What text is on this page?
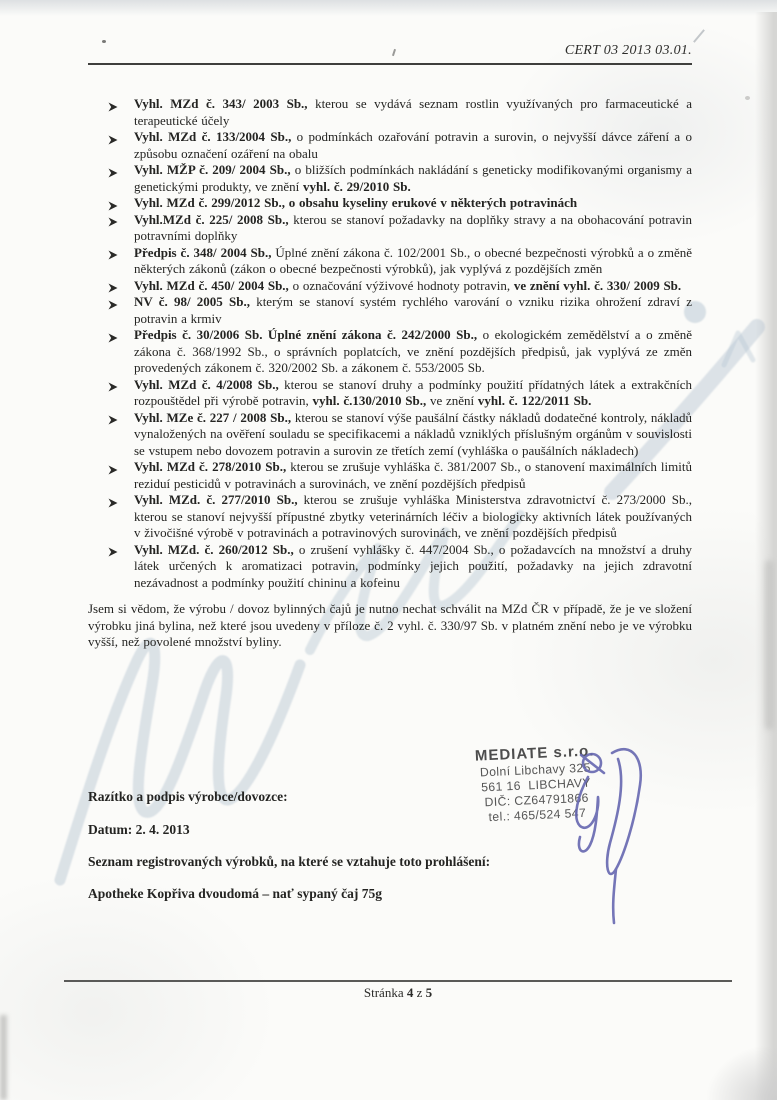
CERT 03 2013 03.01.
Vyhl. MZd č. 343/ 2003 Sb., kterou se vydává seznam rostlin využívaných pro farmaceutické a terapeutické účely
Vyhl. MZd č. 133/2004 Sb., o podmínkách ozařování potravin a surovin, o nejvyšší dávce záření a o způsobu označení ozáření na obalu
Vyhl. MŽP č. 209/ 2004 Sb., o bližších podmínkách nakládání s geneticky modifikovanými organismy a genetickými produkty, ve znění vyhl. č. 29/2010 Sb.
Vyhl. MZd č. 299/2012 Sb., o obsahu kyseliny erukové v některých potravinách
Vyhl.MZd č. 225/ 2008 Sb., kterou se stanoví požadavky na doplňky stravy a na obohacování potravin potravními doplňky
Předpis č. 348/ 2004 Sb., Úplné znění zákona č. 102/2001 Sb., o obecné bezpečnosti výrobků a o změně některých zákonů (zákon o obecné bezpečnosti výrobků), jak vyplývá z pozdějších změn
Vyhl. MZd č. 450/ 2004 Sb., o označování výživové hodnoty potravin, ve znění vyhl. č. 330/ 2009 Sb.
NV č. 98/ 2005 Sb., kterým se stanoví systém rychlého varování o vzniku rizika ohrožení zdraví z potravin a krmiv
Předpis č. 30/2006 Sb. Úplné znění zákona č. 242/2000 Sb., o ekologickém zemědělství a o změně zákona č. 368/1992 Sb., o správních poplatcích, ve znění pozdějších předpisů, jak vyplývá ze změn provedených zákonem č. 320/2002 Sb. a zákonem č. 553/2005 Sb.
Vyhl. MZd č. 4/2008 Sb., kterou se stanoví druhy a podmínky použití přídatných látek a extrakčních rozpouštědel při výrobě potravin, vyhl. č.130/2010 Sb., ve znění vyhl. č. 122/2011 Sb.
Vyhl. MZe č. 227 / 2008 Sb., kterou se stanoví výše paušální částky nákladů dodatečné kontroly, nákladů vynaložených na ověření souladu se specifikacemi a nákladů vzniklých příslušným orgánům v souvislosti se vstupem nebo dovozem potravin a surovin ze třetích zemí (vyhláška o paušálních nákladech)
Vyhl. MZd č. 278/2010 Sb., kterou se zrušuje vyhláška č. 381/2007 Sb., o stanovení maximálních limitů reziduí pesticidů v potravinách a surovinách, ve znění pozdějších předpisů
Vyhl. MZd. č. 277/2010 Sb., kterou se zrušuje vyhláška Ministerstva zdravotnictví č. 273/2000 Sb., kterou se stanoví nejvyšší přípustné zbytky veterinárních léčiv a biologicky aktivních látek používaných v živočišné výrobě v potravinách a potravinových surovinách, ve znění pozdějších předpisů
Vyhl. MZd. č. 260/2012 Sb., o zrušení vyhlášky č. 447/2004 Sb., o požadavcích na množství a druhy látek určených k aromatizaci potravin, podmínky jejich použití, požadavky na jejich zdravotní nezávadnost a podmínky použití chininu a kofeinu

Jsem si vědom, že výrobu / dovoz bylinných čajů je nutno nechat schválit na MZd ČR v případě, že je ve složení výrobku jiná bylina, než které jsou uvedeny v příloze č. 2 vyhl. č. 330/97 Sb. v platném znění nebo je ve výrobku vyšší, než povolené množství byliny.

Razítko a podpis výrobce/dovozce:
Datum: 2. 4. 2013
MEDIATE s.r.o.
Dolní Libchavy 325
561 16  LIBCHAVY
DIČ: CZ64791866
tel.: 465/524 547
Seznam registrovaných výrobků, na které se vztahuje toto prohlášení:
Apotheke Kopřiva dvoudomá – nať sypaný čaj 75g
Stránka 4 z 5
